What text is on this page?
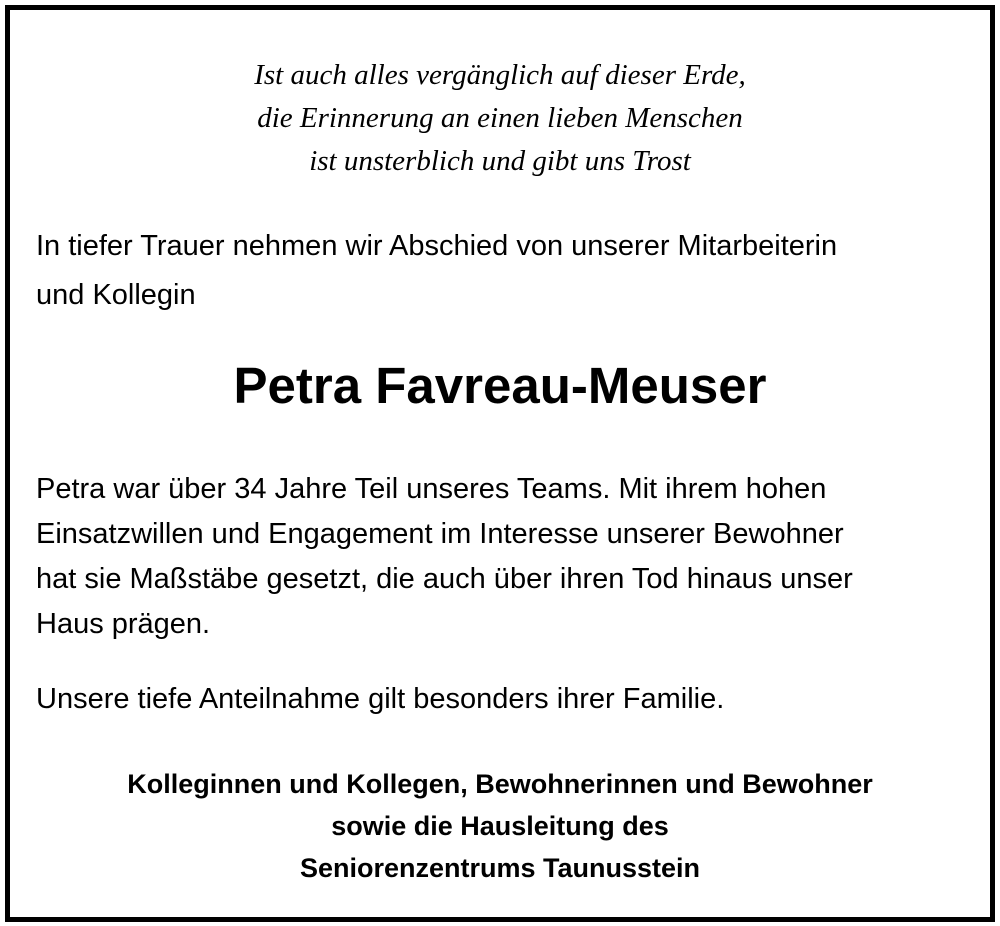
Ist auch alles vergänglich auf dieser Erde,
die Erinnerung an einen lieben Menschen
ist unsterblich und gibt uns Trost
In tiefer Trauer nehmen wir Abschied von unserer Mitarbeiterin
und Kollegin
Petra Favreau-Meuser
Petra war über 34 Jahre Teil unseres Teams. Mit ihrem hohen
Einsatzwillen und Engagement im Interesse unserer Bewohner
hat sie Maßstäbe gesetzt, die auch über ihren Tod hinaus unser
Haus prägen.
Unsere tiefe Anteilnahme gilt besonders ihrer Familie.
Kolleginnen und Kollegen, Bewohnerinnen und Bewohner
sowie die Hausleitung des
Seniorenzentrums Taunusstein
